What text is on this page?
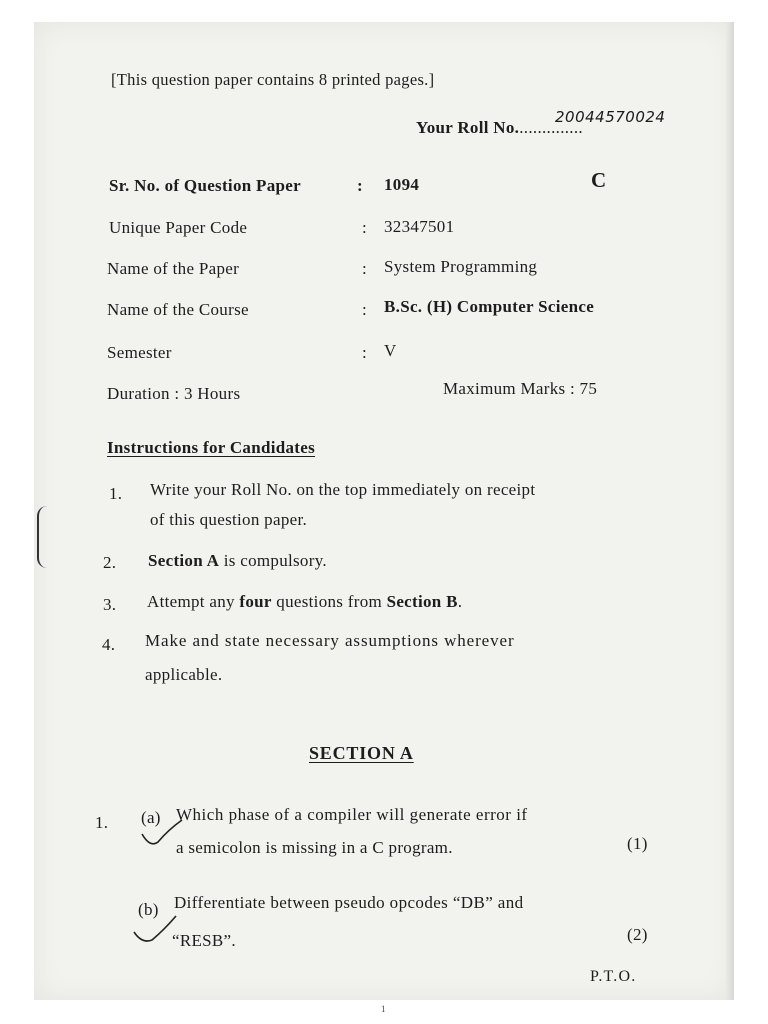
[This question paper contains 8 printed pages.]
Your Roll No...............
20044570024
Sr. No. of Question Paper	: 1094	C
Unique Paper Code	: 32347501
Name of the Paper	: System Programming
Name of the Course	: B.Sc. (H) Computer Science
Semester	: V
Duration : 3 Hours	Maximum Marks : 75
Instructions for Candidates
1. Write your Roll No. on the top immediately on receipt
of this question paper.
2. Section A is compulsory.
3. Attempt any four questions from Section B.
4. Make and state necessary assumptions wherever
applicable.
SECTION A
1. (a) Which phase of a compiler will generate error if
a semicolon is missing in a C program.	(1)
(b) Differentiate between pseudo opcodes “DB” and
“RESB”.	(2)
P.T.O.
1
